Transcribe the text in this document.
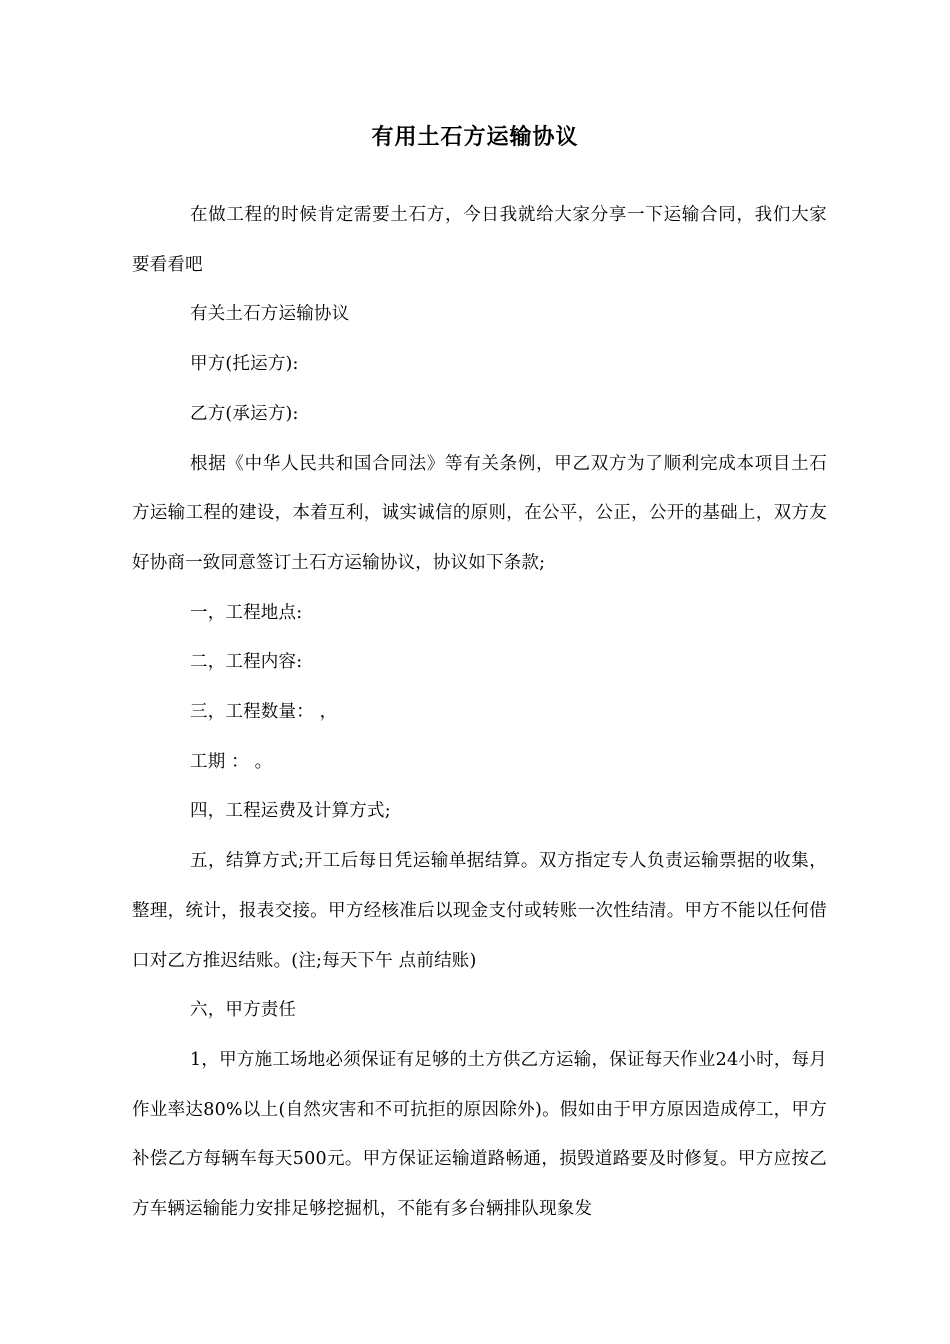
有用土石方运输协议

在做工程的时候肯定需要土石方，今日我就给大家分享一下运输合同，我们大家要看看吧

有关土石方运输协议

甲方(托运方):

乙方(承运方):

根据《中华人民共和国合同法》等有关条例，甲乙双方为了顺利完成本项目土石方运输工程的建设，本着互利，诚实诚信的原则，在公平，公正，公开的基础上，双方友好协商一致同意签订土石方运输协议，协议如下条款;

一，工程地点:

二，工程内容:

三，工程数量： ，

工期 ： 。

四，工程运费及计算方式;

五，结算方式;开工后每日凭运输单据结算。双方指定专人负责运输票据的收集，整理，统计，报表交接。甲方经核准后以现金支付或转账一次性结清。甲方不能以任何借口对乙方推迟结账。(注;每天下午 点前结账)

六，甲方责任

1，甲方施工场地必须保证有足够的土方供乙方运输，保证每天作业24小时，每月作业率达80%以上(自然灾害和不可抗拒的原因除外)。假如由于甲方原因造成停工，甲方补偿乙方每辆车每天500元。甲方保证运输道路畅通，损毁道路要及时修复。甲方应按乙方车辆运输能力安排足够挖掘机，不能有多台辆排队现象发
